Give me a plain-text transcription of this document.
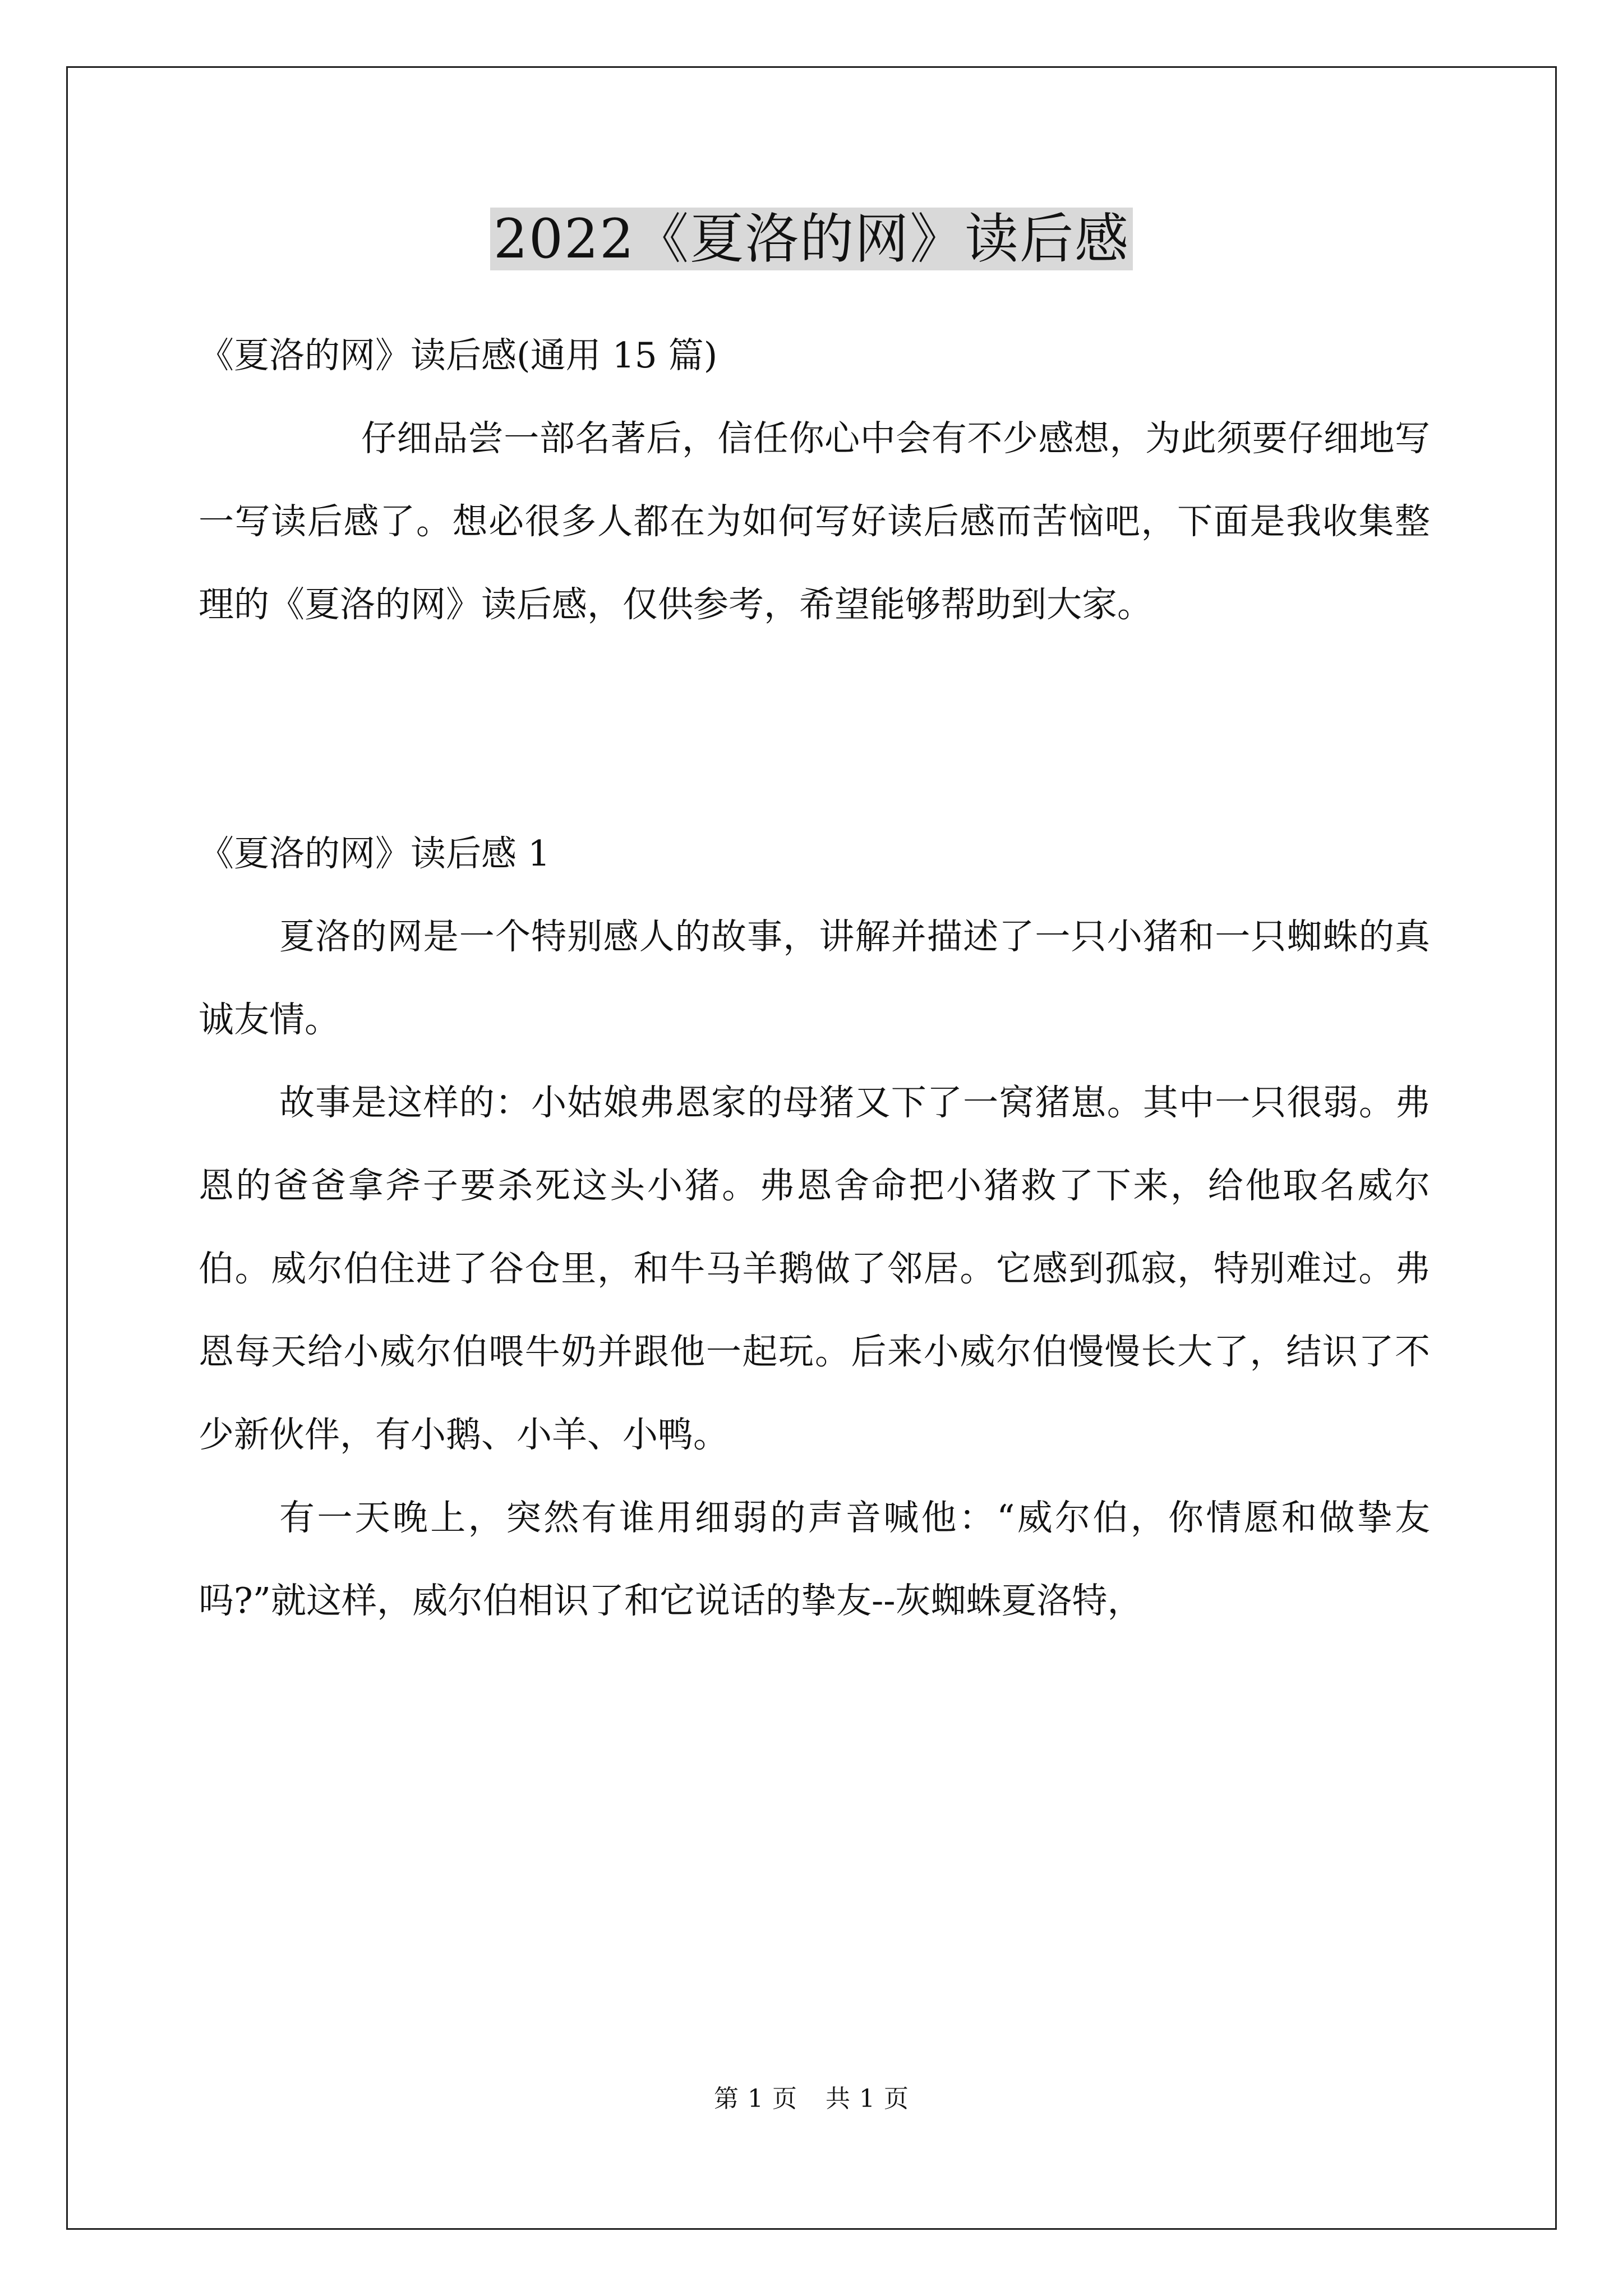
2022《夏洛的网》读后感

《夏洛的网》读后感(通用 15 篇)

仔细品尝一部名著后，信任你心中会有不少感想，为此须要仔细地写一写读后感了。想必很多人都在为如何写好读后感而苦恼吧，下面是我收集整理的《夏洛的网》读后感，仅供参考，希望能够帮助到大家。

《夏洛的网》读后感 1

夏洛的网是一个特别感人的故事，讲解并描述了一只小猪和一只蜘蛛的真诚友情。

故事是这样的：小姑娘弗恩家的母猪又下了一窝猪崽。其中一只很弱。弗恩的爸爸拿斧子要杀死这头小猪。弗恩舍命把小猪救了下来，给他取名威尔伯。威尔伯住进了谷仓里，和牛马羊鹅做了邻居。它感到孤寂，特别难过。弗恩每天给小威尔伯喂牛奶并跟他一起玩。后来小威尔伯慢慢长大了，结识了不少新伙伴，有小鹅、小羊、小鸭。

有一天晚上，突然有谁用细弱的声音喊他：“威尔伯，你情愿和做挚友吗?”就这样，威尔伯相识了和它说话的挚友--灰蜘蛛夏洛特，

第 1 页 共 1 页
